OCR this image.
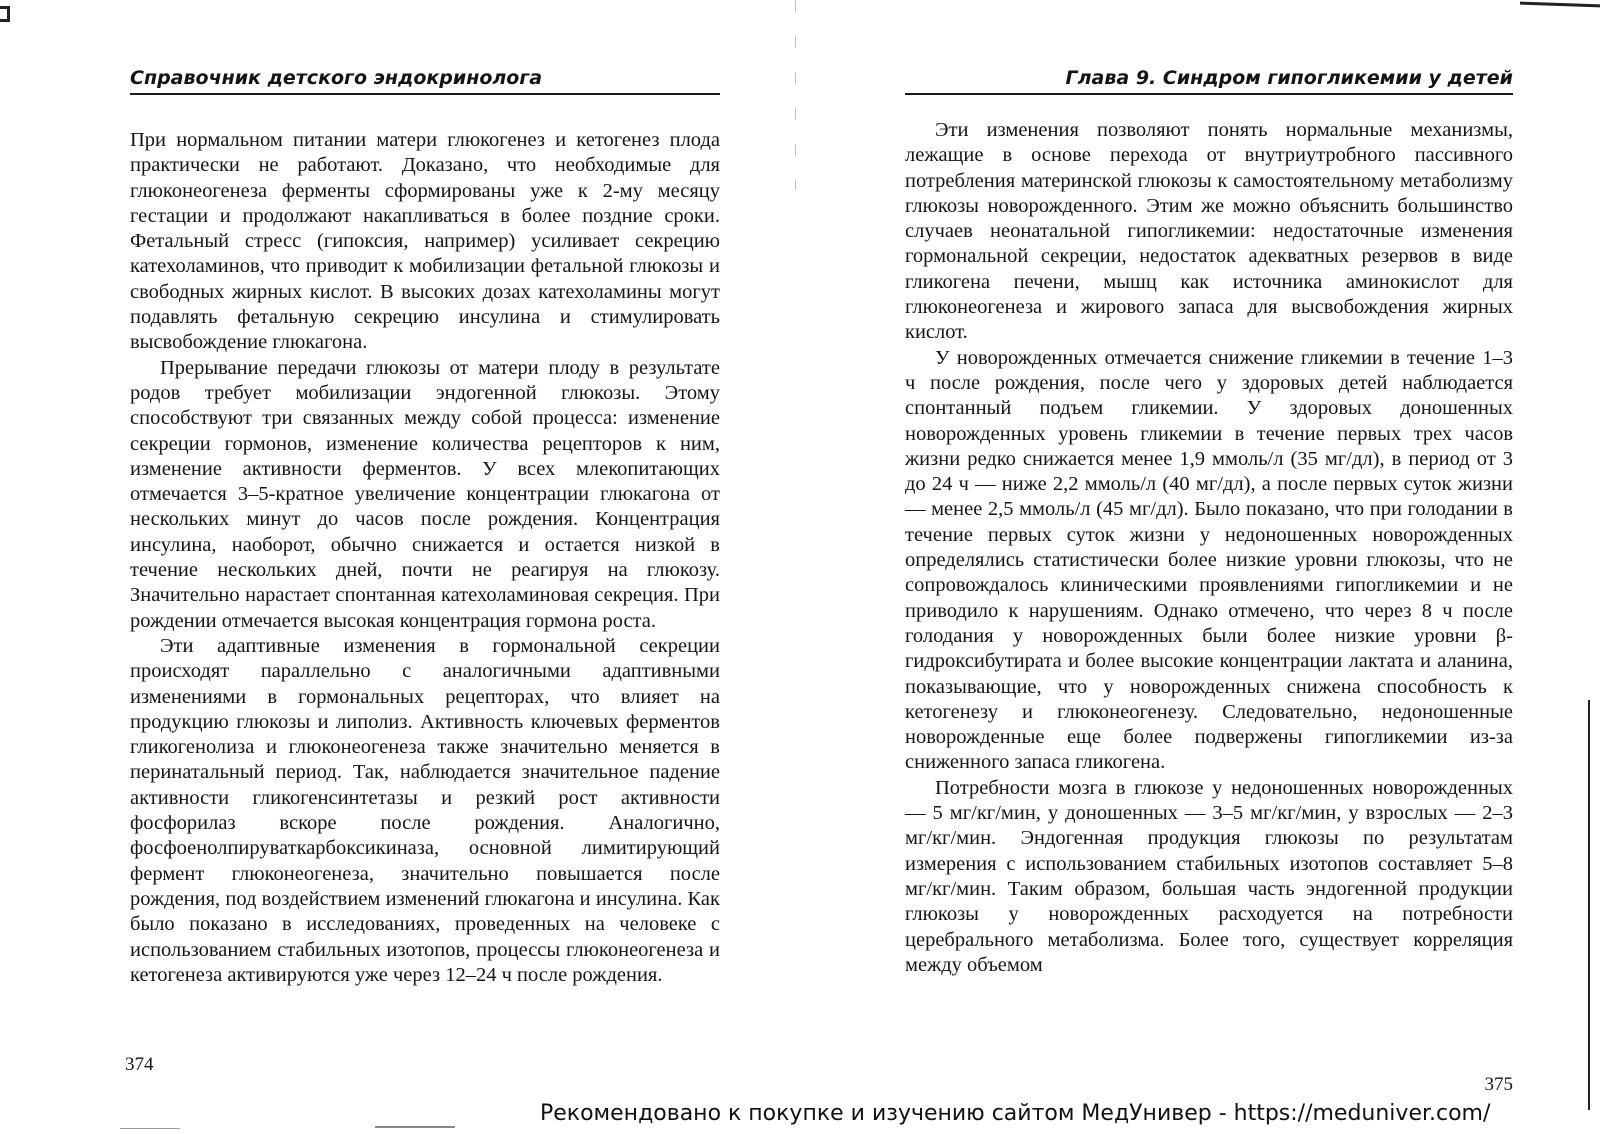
Справочник детского эндокринолога

При нормальном питании матери глюкогенез и кетогенез плода практически не работают. Доказано, что необходимые для глюконеогенеза ферменты сформированы уже к 2-му месяцу гестации и продолжают накапливаться в более поздние сроки. Фетальный стресс (гипоксия, например) усиливает секрецию катехоламинов, что приводит к мобилизации фетальной глюкозы и свободных жирных кислот. В высоких дозах катехоламины могут подавлять фетальную секрецию инсулина и стимулировать высвобождение глюкагона.

Прерывание передачи глюкозы от матери плоду в результате родов требует мобилизации эндогенной глюкозы. Этому способствуют три связанных между собой процесса: изменение секреции гормонов, изменение количества рецепторов к ним, изменение активности ферментов. У всех млекопитающих отмечается 3–5-кратное увеличение концентрации глюкагона от нескольких минут до часов после рождения. Концентрация инсулина, наоборот, обычно снижается и остается низкой в течение нескольких дней, почти не реагируя на глюкозу. Значительно нарастает спонтанная катехоламиновая секреция. При рождении отмечается высокая концентрация гормона роста.

Эти адаптивные изменения в гормональной секреции происходят параллельно с аналогичными адаптивными изменениями в гормональных рецепторах, что влияет на продукцию глюкозы и липолиз. Активность ключевых ферментов гликогенолиза и глюконеогенеза также значительно меняется в перинатальный период. Так, наблюдается значительное падение активности гликогенсинтетазы и резкий рост активности фосфорилаз вскоре после рождения. Аналогично, фосфоенолпируваткарбоксикиназа, основной лимитирующий фермент глюконеогенеза, значительно повышается после рождения, под воздействием изменений глюкагона и инсулина. Как было показано в исследованиях, проведенных на человеке с использованием стабильных изотопов, процессы глюконеогенеза и кетогенеза активируются уже через 12–24 ч после рождения.

374
Глава 9. Синдром гипогликемии у детей

Эти изменения позволяют понять нормальные механизмы, лежащие в основе перехода от внутриутробного пассивного потребления материнской глюкозы к самостоятельному метаболизму глюкозы новорожденного. Этим же можно объяснить большинство случаев неонатальной гипогликемии: недостаточные изменения гормональной секреции, недостаток адекватных резервов в виде гликогена печени, мышц как источника аминокислот для глюконеогенеза и жирового запаса для высвобождения жирных кислот.

У новорожденных отмечается снижение гликемии в течение 1–3 ч после рождения, после чего у здоровых детей наблюдается спонтанный подъем гликемии. У здоровых доношенных новорожденных уровень гликемии в течение первых трех часов жизни редко снижается менее 1,9 ммоль/л (35 мг/дл), в период от 3 до 24 ч — ниже 2,2 ммоль/л (40 мг/дл), а после первых суток жизни — менее 2,5 ммоль/л (45 мг/дл). Было показано, что при голодании в течение первых суток жизни у недоношенных новорожденных определялись статистически более низкие уровни глюкозы, что не сопровождалось клиническими проявлениями гипогликемии и не приводило к нарушениям. Однако отмечено, что через 8 ч после голодания у новорожденных были более низкие уровни β-гидроксибутирата и более высокие концентрации лактата и аланина, показывающие, что у новорожденных снижена способность к кетогенезу и глюконеогенезу. Следовательно, недоношенные новорожденные еще более подвержены гипогликемии из-за сниженного запаса гликогена.

Потребности мозга в глюкозе у недоношенных новорожденных — 5 мг/кг/мин, у доношенных — 3–5 мг/кг/мин, у взрослых — 2–3 мг/кг/мин. Эндогенная продукция глюкозы по результатам измерения с использованием стабильных изотопов составляет 5–8 мг/кг/мин. Таким образом, большая часть эндогенной продукции глюкозы у новорожденных расходуется на потребности церебрального метаболизма. Более того, существует корреляция между объемом

375
Рекомендовано к покупке и изучению сайтом МедУнивер - https://meduniver.com/
